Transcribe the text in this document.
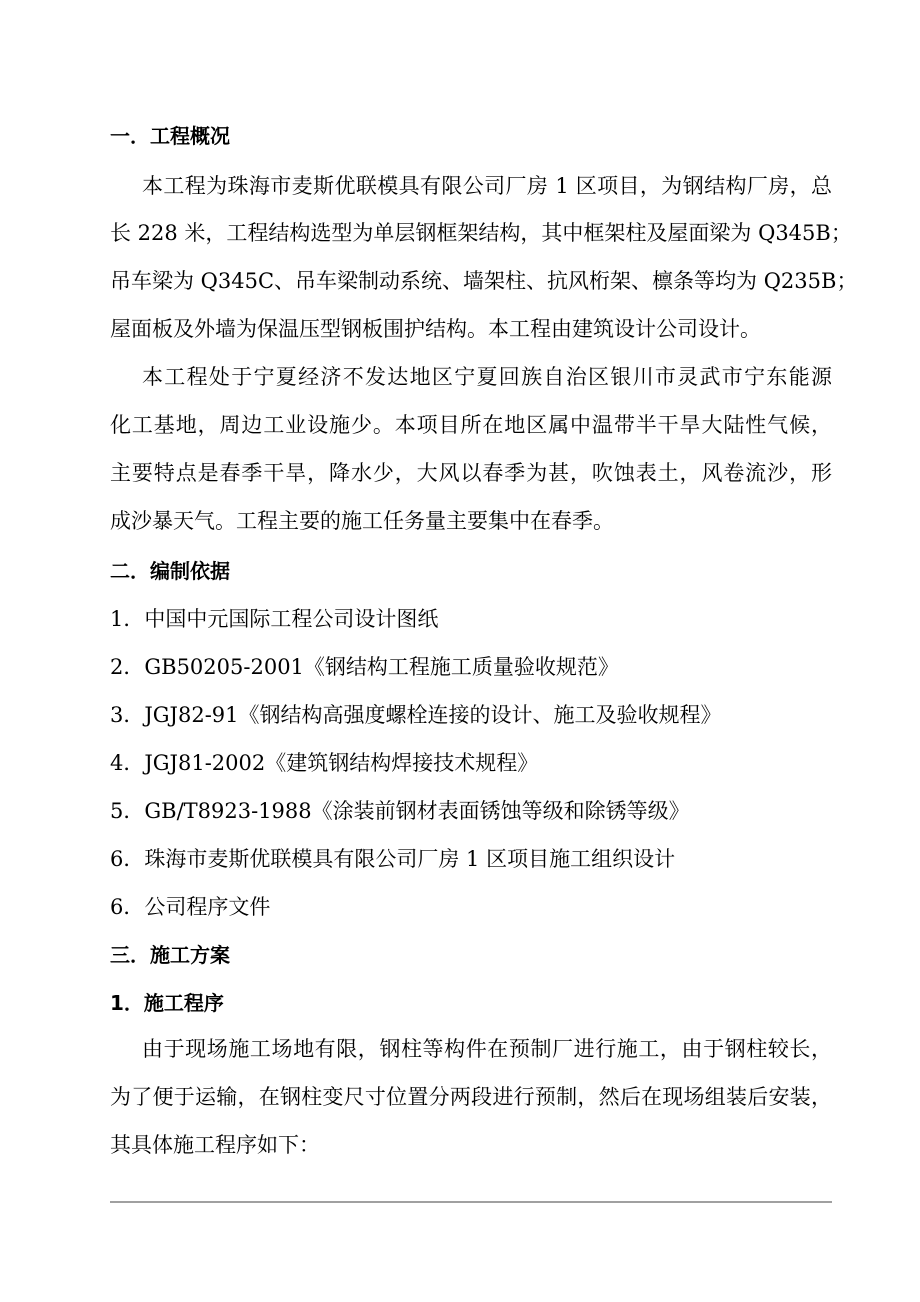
一．工程概况
本工程为珠海市麦斯优联模具有限公司厂房 1 区项目，为钢结构厂房，总
长 228 米，工程结构选型为单层钢框架结构，其中框架柱及屋面梁为 Q345B；
吊车梁为 Q345C、吊车梁制动系统、墙架柱、抗风桁架、檩条等均为 Q235B；
屋面板及外墙为保温压型钢板围护结构。本工程由建筑设计公司设计。
本工程处于宁夏经济不发达地区宁夏回族自治区银川市灵武市宁东能源
化工基地，周边工业设施少。本项目所在地区属中温带半干旱大陆性气候，
主要特点是春季干旱，降水少，大风以春季为甚，吹蚀表土，风卷流沙，形
成沙暴天气。工程主要的施工任务量主要集中在春季。
二．编制依据
1．中国中元国际工程公司设计图纸
2．GB50205-2001《钢结构工程施工质量验收规范》
3．JGJ82-91《钢结构高强度螺栓连接的设计、施工及验收规程》
4．JGJ81-2002《建筑钢结构焊接技术规程》
5．GB/T8923-1988《涂装前钢材表面锈蚀等级和除锈等级》
6．珠海市麦斯优联模具有限公司厂房 1 区项目施工组织设计
6．公司程序文件
三．施工方案
1．施工程序
由于现场施工场地有限，钢柱等构件在预制厂进行施工，由于钢柱较长，
为了便于运输，在钢柱变尺寸位置分两段进行预制，然后在现场组装后安装，
其具体施工程序如下：
